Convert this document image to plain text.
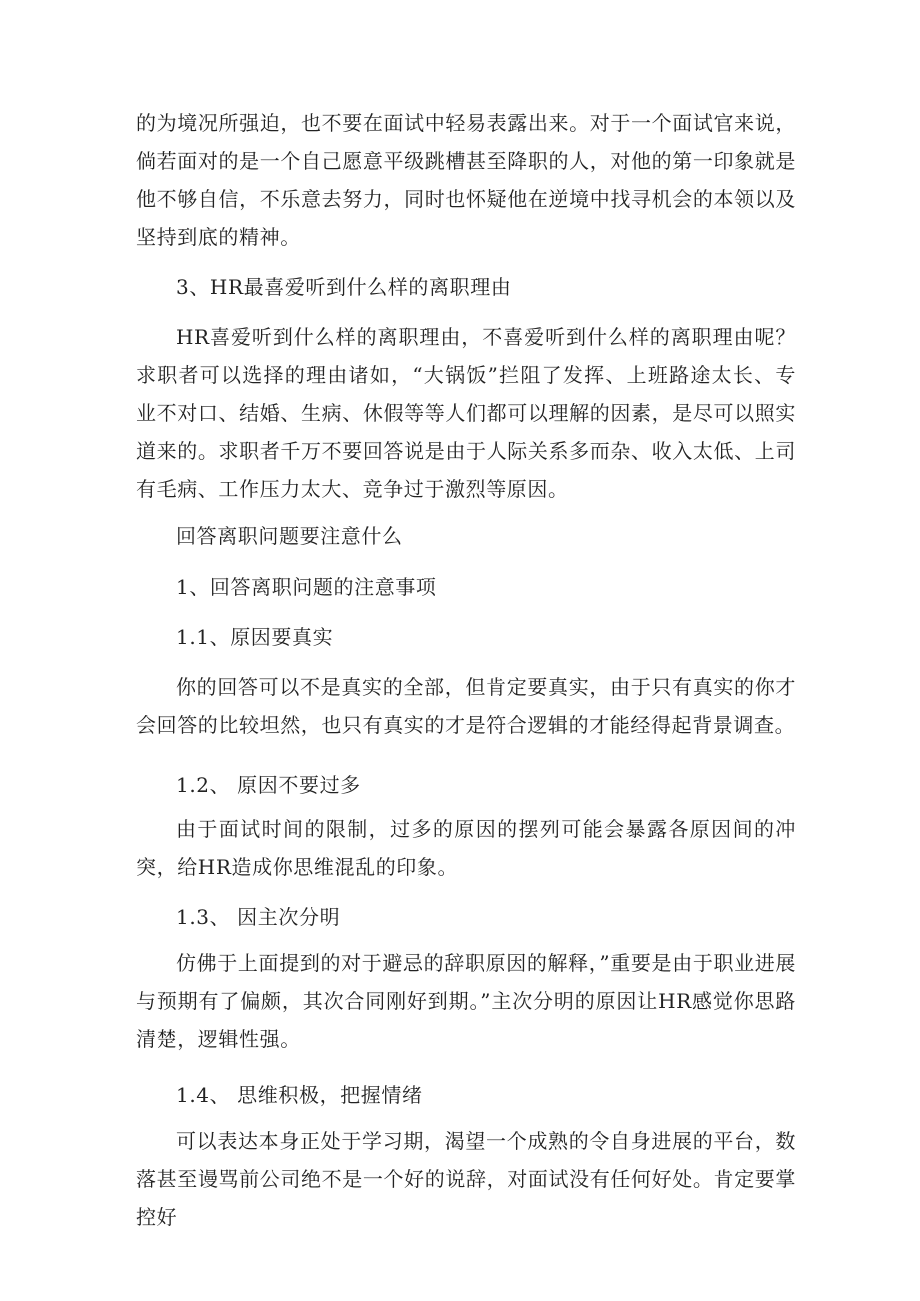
的为境况所强迫，也不要在面试中轻易表露出来。对于一个面试官来说，倘若面对的是一个自己愿意平级跳槽甚至降职的人，对他的第一印象就是他不够自信，不乐意去努力，同时也怀疑他在逆境中找寻机会的本领以及坚持到底的精神。

3、HR最喜爱听到什么样的离职理由

HR喜爱听到什么样的离职理由，不喜爱听到什么样的离职理由呢？求职者可以选择的理由诸如，“大锅饭”拦阻了发挥、上班路途太长、专业不对口、结婚、生病、休假等等人们都可以理解的因素，是尽可以照实道来的。求职者千万不要回答说是由于人际关系多而杂、收入太低、上司有毛病、工作压力太大、竞争过于激烈等原因。

回答离职问题要注意什么

1、回答离职问题的注意事项

1.1、原因要真实

你的回答可以不是真实的全部，但肯定要真实，由于只有真实的你才会回答的比较坦然，也只有真实的才是符合逻辑的才能经得起背景调查。

1.2、 原因不要过多

由于面试时间的限制，过多的原因的摆列可能会暴露各原因间的冲突，给HR造成你思维混乱的印象。

1.3、 因主次分明

仿佛于上面提到的对于避忌的辞职原因的解释，”重要是由于职业进展与预期有了偏颇，其次合同刚好到期。”主次分明的原因让HR感觉你思路清楚，逻辑性强。

1.4、 思维积极，把握情绪

可以表达本身正处于学习期，渴望一个成熟的令自身进展的平台，数落甚至谩骂前公司绝不是一个好的说辞，对面试没有任何好处。肯定要掌控好
